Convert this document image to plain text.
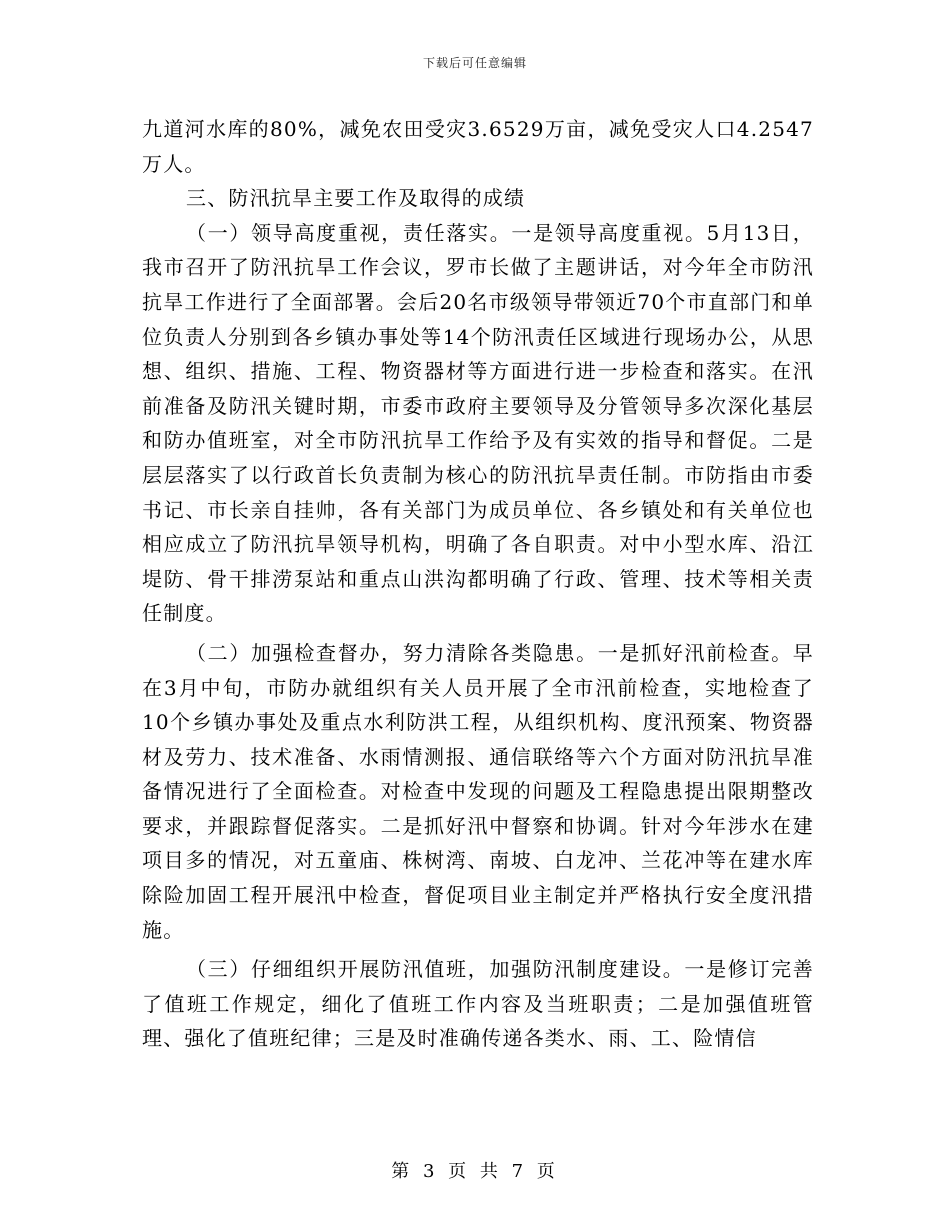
下载后可任意编辑

九道河水库的80%，减免农田受灾3.6529万亩，减免受灾人口4.2547万人。

三、防汛抗旱主要工作及取得的成绩

（一）领导高度重视，责任落实。一是领导高度重视。5月13日，我市召开了防汛抗旱工作会议，罗市长做了主题讲话，对今年全市防汛抗旱工作进行了全面部署。会后20名市级领导带领近70个市直部门和单位负责人分别到各乡镇办事处等14个防汛责任区域进行现场办公，从思想、组织、措施、工程、物资器材等方面进行进一步检查和落实。在汛前准备及防汛关键时期，市委市政府主要领导及分管领导多次深化基层和防办值班室，对全市防汛抗旱工作给予及有实效的指导和督促。二是层层落实了以行政首长负责制为核心的防汛抗旱责任制。市防指由市委书记、市长亲自挂帅，各有关部门为成员单位、各乡镇处和有关单位也相应成立了防汛抗旱领导机构，明确了各自职责。对中小型水库、沿江堤防、骨干排涝泵站和重点山洪沟都明确了行政、管理、技术等相关责任制度。

（二）加强检查督办，努力清除各类隐患。一是抓好汛前检查。早在3月中旬，市防办就组织有关人员开展了全市汛前检查，实地检查了10个乡镇办事处及重点水利防洪工程，从组织机构、度汛预案、物资器材及劳力、技术准备、水雨情测报、通信联络等六个方面对防汛抗旱准备情况进行了全面检查。对检查中发现的问题及工程隐患提出限期整改要求，并跟踪督促落实。二是抓好汛中督察和协调。针对今年涉水在建项目多的情况，对五童庙、株树湾、南坡、白龙冲、兰花冲等在建水库除险加固工程开展汛中检查，督促项目业主制定并严格执行安全度汛措施。

（三）仔细组织开展防汛值班，加强防汛制度建设。一是修订完善了值班工作规定，细化了值班工作内容及当班职责；二是加强值班管理、强化了值班纪律；三是及时准确传递各类水、雨、工、险情信

第 3 页 共 7 页
